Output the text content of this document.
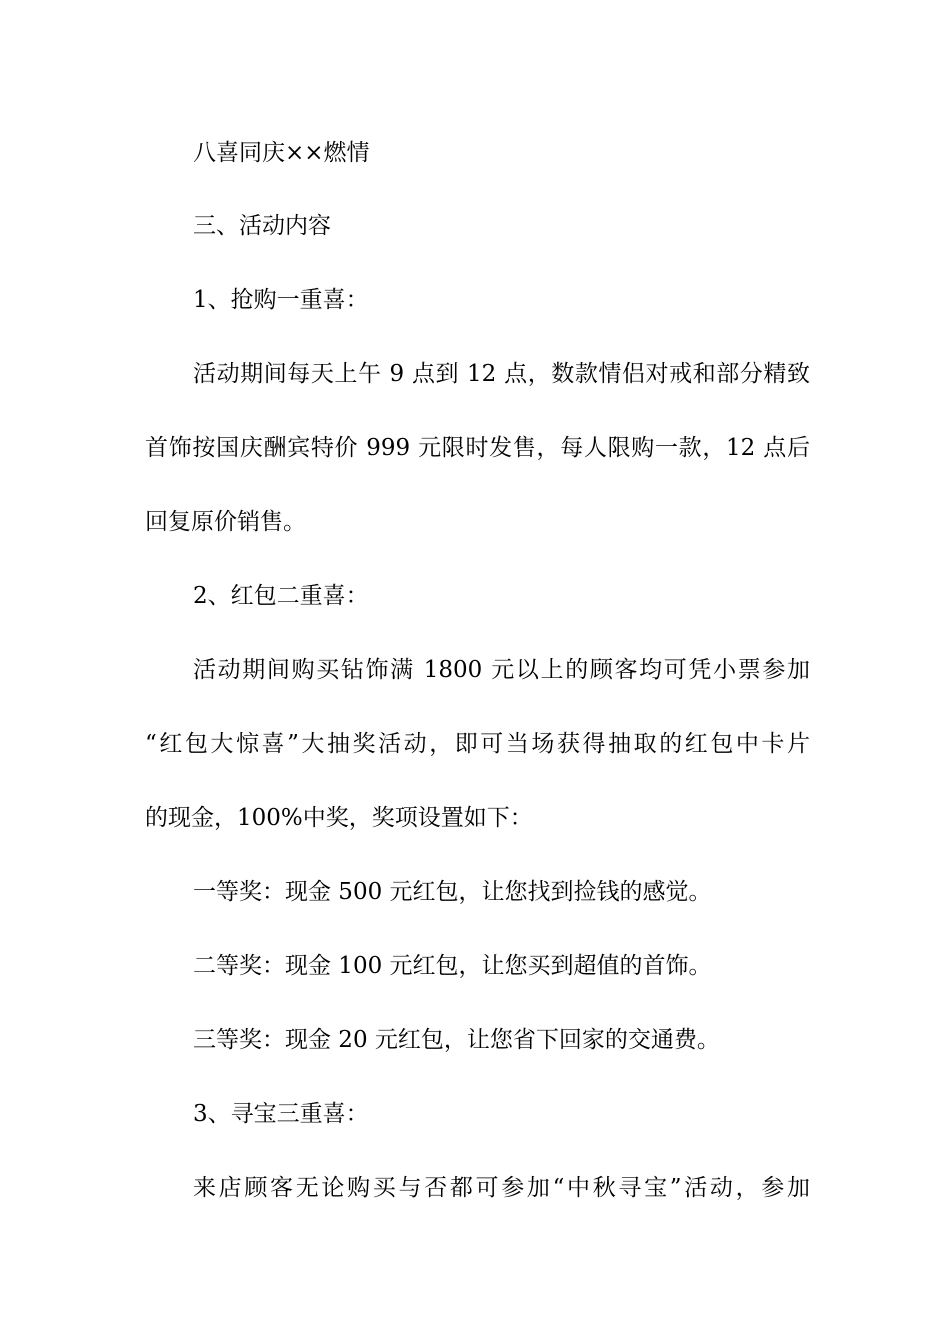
八喜同庆××燃情
三、活动内容
1、抢购一重喜：
活动期间每天上午 9 点到 12 点，数款情侣对戒和部分精致
首饰按国庆酬宾特价 999 元限时发售，每人限购一款，12 点后
回复原价销售。
2、红包二重喜：
活动期间购买钻饰满 1800 元以上的顾客均可凭小票参加
“红包大惊喜”大抽奖活动，即可当场获得抽取的红包中卡片
的现金，100%中奖，奖项设置如下：
一等奖：现金 500 元红包，让您找到捡钱的感觉。
二等奖：现金 100 元红包，让您买到超值的首饰。
三等奖：现金 20 元红包，让您省下回家的交通费。
3、寻宝三重喜：
来店顾客无论购买与否都可参加“中秋寻宝”活动，参加
